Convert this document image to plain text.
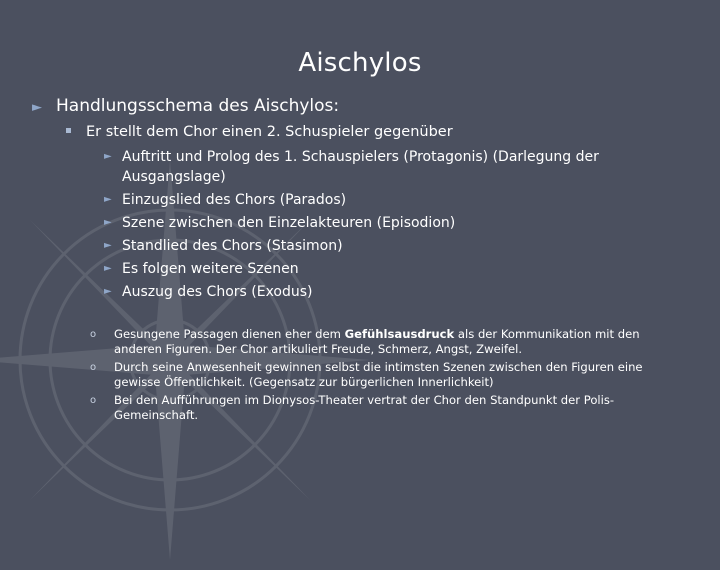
Aischylos
► Handlungsschema des Aischylos:
Er stellt dem Chor einen 2. Schuspieler gegenüber
► Auftritt und Prolog des 1. Schauspielers (Protagonis) (Darlegung der Ausgangslage)
► Einzugslied des Chors (Parados)
► Szene zwischen den Einzelakteuren (Episodion)
► Standlied des Chors (Stasimon)
► Es folgen weitere Szenen
► Auszug des Chors (Exodus)
o Gesungene Passagen dienen eher dem Gefühlsausdruck als der Kommunikation mit den anderen Figuren. Der Chor artikuliert Freude, Schmerz, Angst, Zweifel.
o Durch seine Anwesenheit gewinnen selbst die intimsten Szenen zwischen den Figuren eine gewisse Öffentlichkeit. (Gegensatz zur bürgerlichen Innerlichkeit)
o Bei den Aufführungen im Dionysos-Theater vertrat der Chor den Standpunkt der Polis-Gemeinschaft.
